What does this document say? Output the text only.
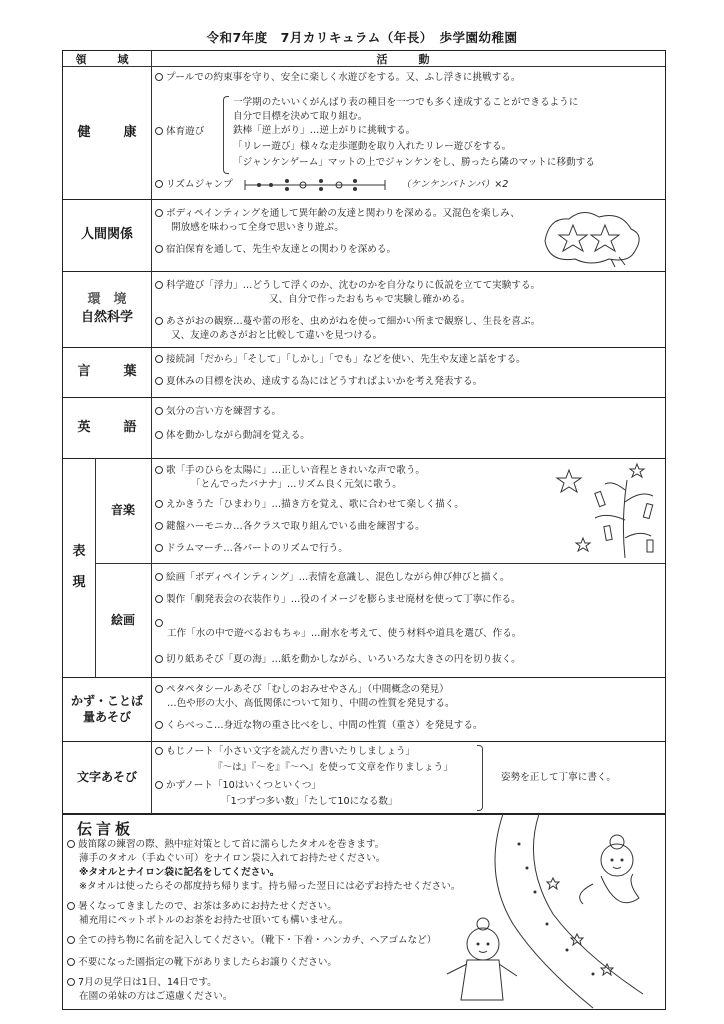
令和7年度　7月カリキュラム（年長）　歩学園幼稚園
領　域	活　動
健　康

プールでの約束事を守り、安全に楽しく水遊びをする。又、ふし浮きに挑戦する。

体育遊び

一学期のたいいくがんばり表の種目を一つでも多く達成することができるように

自分で目標を決めて取り組む。

鉄棒「逆上がり」…逆上がりに挑戦する。

「リレー遊び」様々な走歩運動を取り入れたリレー遊びをする。

「ジャンケンゲーム」マットの上でジャンケンをし、勝ったら隣のマットに移動する

リズムジャンプ

	（ケンケンパトンパ）×2

人間関係

ボディペインティングを通して異年齢の友達と関わりを深める。又混色を楽しみ、

開放感を味わって全身で思いきり遊ぶ。

宿泊保育を通して、先生や友達との関わりを深める。

環　境
自然科学

科学遊び「浮力」…どうして浮くのか、沈むのかを自分なりに仮説を立てて実験する。

又、自分で作ったおもちゃで実験し確かめる。

あさがおの観察…蔓や蕾の形を、虫めがねを使って細かい所まで観察し、生長を喜ぶ。

又、友達のあさがおと比較して違いを見つける。

言　葉

接続詞「だから」「そして」「しかし」「でも」などを使い、先生や友達と話をする。

夏休みの目標を決め、達成する為にはどうすればよいかを考え発表する。

英　語

気分の言い方を練習する。

体を動かしながら動詞を覚える。

表

現
音楽
絵画

歌「手のひらを太陽に」…正しい音程ときれいな声で歌う。

「とんでったバナナ」…リズム良く元気に歌う。

えかきうた「ひまわり」…描き方を覚え、歌に合わせて楽しく描く。

鍵盤ハーモニカ…各クラスで取り組んでいる曲を練習する。

ドラムマーチ…各パートのリズムで行う。

絵画「ボディペインティング」…表情を意識し、混色しながら伸び伸びと描く。

製作「劇発表会の衣装作り」…役のイメージを膨らませ廃材を使って丁寧に作る。

工作「水の中で遊べるおもちゃ」…耐水を考えて、使う材料や道具を選び、作る。

切り紙あそび「夏の海」…紙を動かしながら、いろいろな大きさの円を切り抜く。

かず・ことば
量あそび

ペタペタシールあそび「むしのおみせやさん」（中間概念の発見）

…色や形の大小、高低関係について知り、中間の性質を発見する。

くらべっこ…身近な物の重さ比べをし、中間の性質（重さ）を発見する。

文字あそび

もじノート「小さい文字を読んだり書いたりしましょう」

『～は』『～を』『～へ』を使って文章を作りましょう」

かずノート「10はいくつといくつ」

「1つずつ多い数」「たして10になる数」

姿勢を正して丁寧に書く。

伝言板
鼓笛隊の練習の際、熱中症対策として首に濡らしたタオルを巻きます。
薄手のタオル（手ぬぐい可）をナイロン袋に入れてお持たせください。
※タオルとナイロン袋に記名をしてください。
※タオルは使ったらその都度持ち帰ります。持ち帰った翌日には必ずお持たせください。
暑くなってきましたので、お茶は多めにお持たせください。
補充用にペットボトルのお茶をお持たせ頂いても構いません。
全ての持ち物に名前を記入してください。（靴下・下着・ハンカチ、ヘアゴムなど）
不要になった園指定の靴下がありましたらお譲りください。
7月の見学日は1日、14日です。
在園の弟妹の方はご遠慮ください。
